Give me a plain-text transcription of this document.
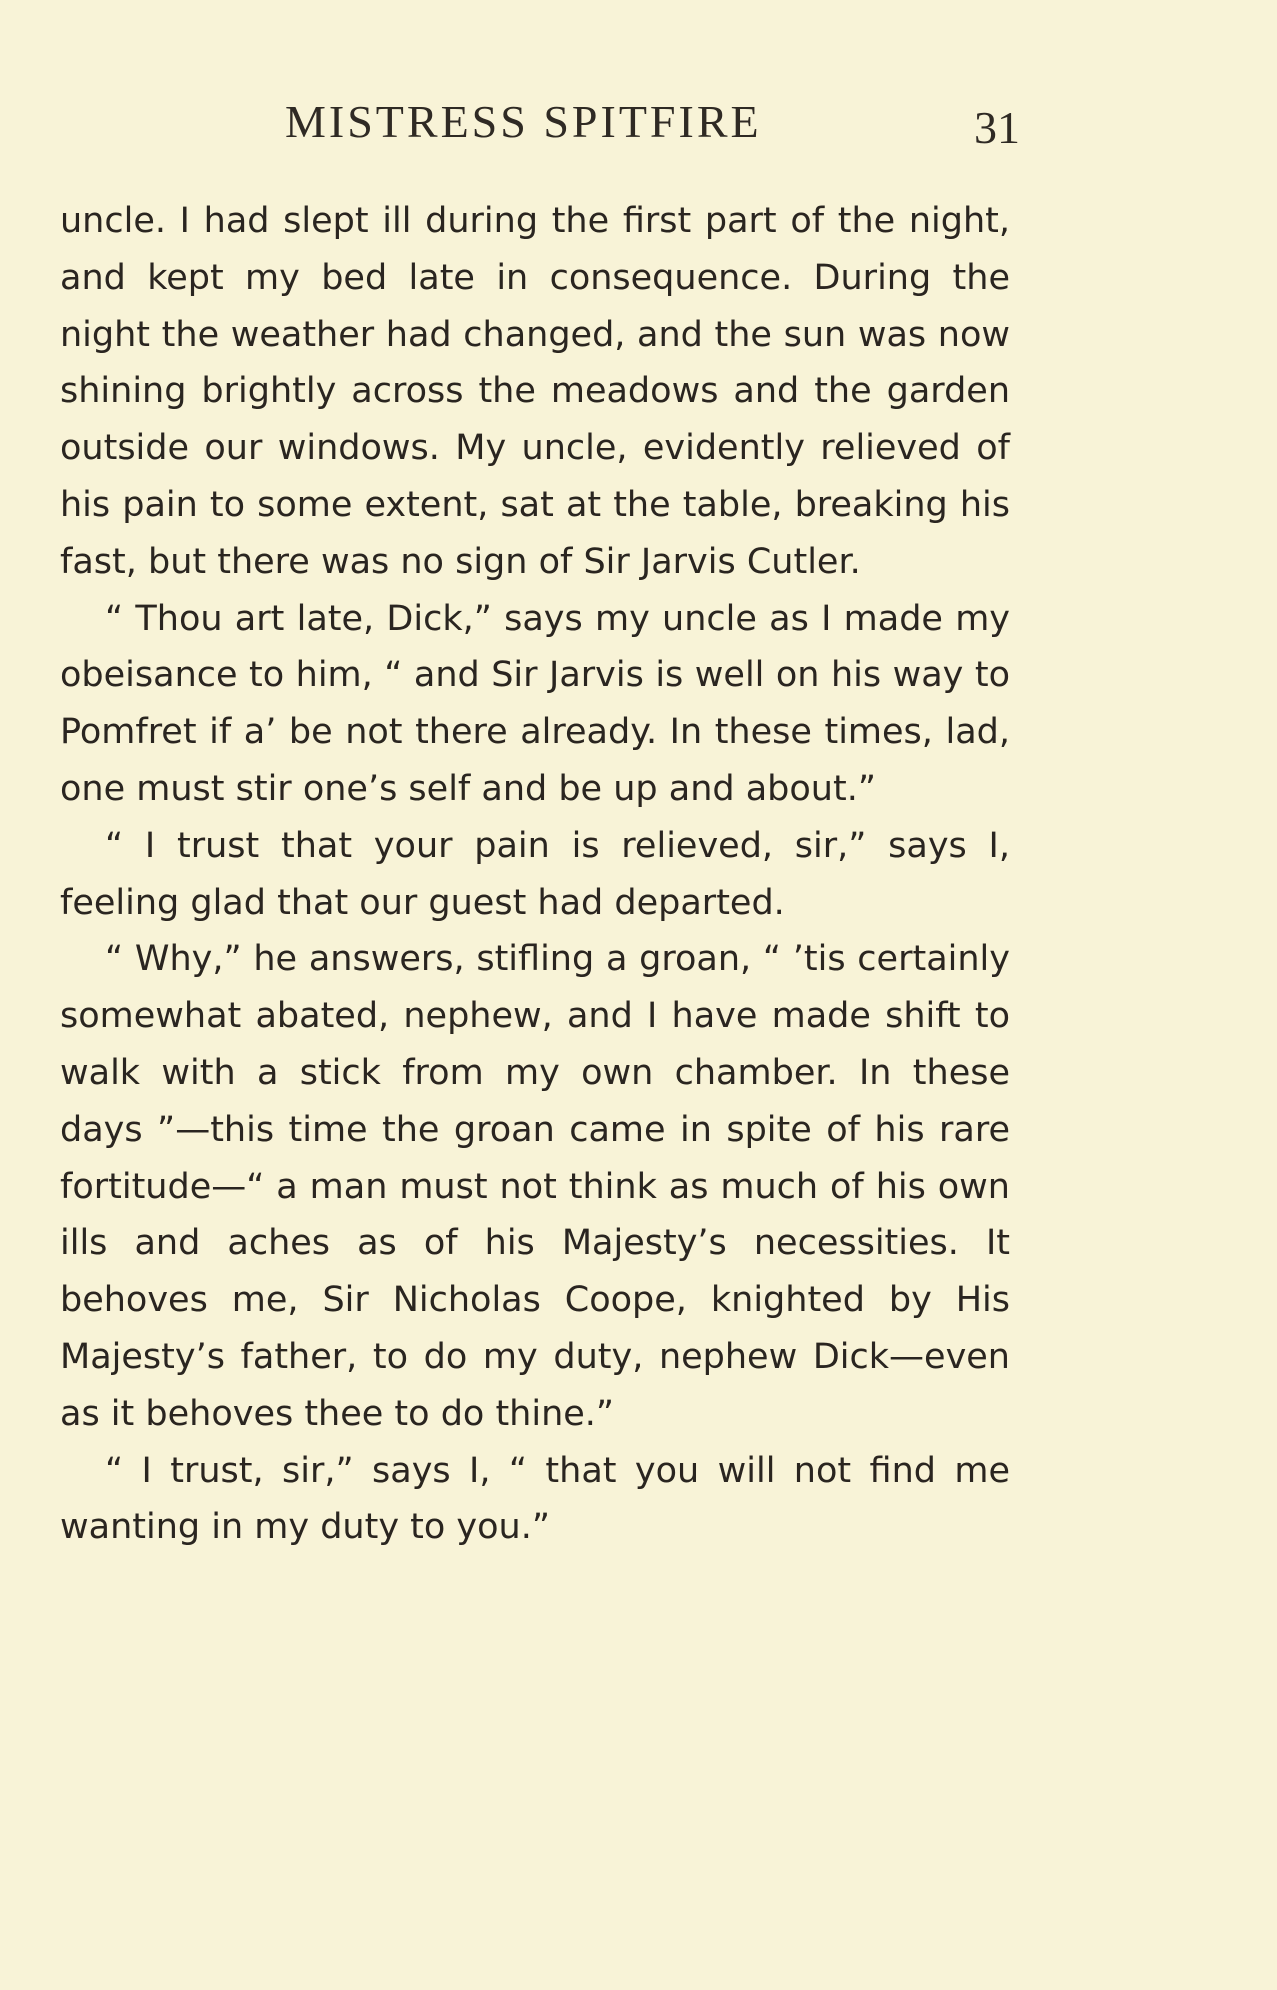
MISTRESS SPITFIRE	31

uncle. I had slept ill during the first part of the night, and kept my bed late in consequence. During the night the weather had changed, and the sun was now shining brightly across the meadows and the garden outside our windows. My uncle, evidently relieved of his pain to some extent, sat at the table, breaking his fast, but there was no sign of Sir Jarvis Cutler.

“ Thou art late, Dick,” says my uncle as I made my obeisance to him, “ and Sir Jarvis is well on his way to Pomfret if a’ be not there already. In these times, lad, one must stir one’s self and be up and about.”

“ I trust that your pain is relieved, sir,” says I, feeling glad that our guest had departed.

“ Why,” he answers, stifling a groan, “ ’tis certainly somewhat abated, nephew, and I have made shift to walk with a stick from my own chamber. In these days ”—this time the groan came in spite of his rare fortitude—“ a man must not think as much of his own ills and aches as of his Majesty’s necessities. It behoves me, Sir Nicholas Coope, knighted by His Majesty’s father, to do my duty, nephew Dick—even as it behoves thee to do thine.”

“ I trust, sir,” says I, “ that you will not find me wanting in my duty to you.”
